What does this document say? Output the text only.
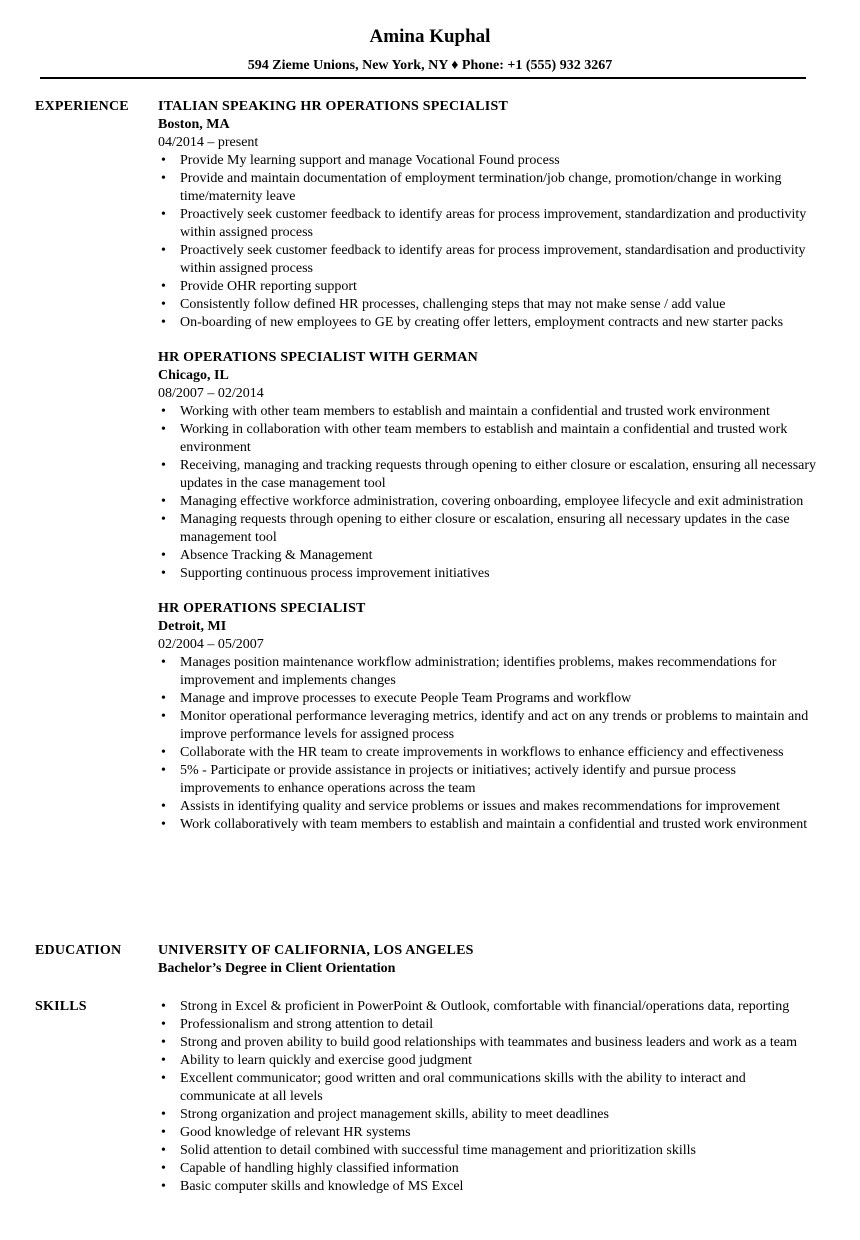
Amina Kuphal
594 Zieme Unions, New York, NY ♦ Phone: +1 (555) 932 3267
EXPERIENCE	ITALIAN SPEAKING HR OPERATIONS SPECIALIST
Boston, MA
04/2014 – present
• Provide My learning support and manage Vocational Found process
• Provide and maintain documentation of employment termination/job change, promotion/change in working time/maternity leave
• Proactively seek customer feedback to identify areas for process improvement, standardization and productivity within assigned process
• Proactively seek customer feedback to identify areas for process improvement, standardisation and productivity within assigned process
• Provide OHR reporting support
• Consistently follow defined HR processes, challenging steps that may not make sense / add value
• On-boarding of new employees to GE by creating offer letters, employment contracts and new starter packs
HR OPERATIONS SPECIALIST WITH GERMAN
Chicago, IL
08/2007 – 02/2014
• Working with other team members to establish and maintain a confidential and trusted work environment
• Working in collaboration with other team members to establish and maintain a confidential and trusted work environment
• Receiving, managing and tracking requests through opening to either closure or escalation, ensuring all necessary updates in the case management tool
• Managing effective workforce administration, covering onboarding, employee lifecycle and exit administration
• Managing requests through opening to either closure or escalation, ensuring all necessary updates in the case management tool
• Absence Tracking & Management
• Supporting continuous process improvement initiatives
HR OPERATIONS SPECIALIST
Detroit, MI
02/2004 – 05/2007
• Manages position maintenance workflow administration; identifies problems, makes recommendations for improvement and implements changes
• Manage and improve processes to execute People Team Programs and workflow
• Monitor operational performance leveraging metrics, identify and act on any trends or problems to maintain and improve performance levels for assigned process
• Collaborate with the HR team to create improvements in workflows to enhance efficiency and effectiveness
• 5% - Participate or provide assistance in projects or initiatives; actively identify and pursue process improvements to enhance operations across the team
• Assists in identifying quality and service problems or issues and makes recommendations for improvement
• Work collaboratively with team members to establish and maintain a confidential and trusted work environment
EDUCATION	UNIVERSITY OF CALIFORNIA, LOS ANGELES
Bachelor’s Degree in Client Orientation
SKILLS
•	Strong in Excel & proficient in PowerPoint & Outlook, comfortable with financial/operations data, reporting
• Professionalism and strong attention to detail
• Strong and proven ability to build good relationships with teammates and business leaders and work as a team
• Ability to learn quickly and exercise good judgment
• Excellent communicator; good written and oral communications skills with the ability to interact and communicate at all levels
• Strong organization and project management skills, ability to meet deadlines
• Good knowledge of relevant HR systems
• Solid attention to detail combined with successful time management and prioritization skills
• Capable of handling highly classified information
• Basic computer skills and knowledge of MS Excel
